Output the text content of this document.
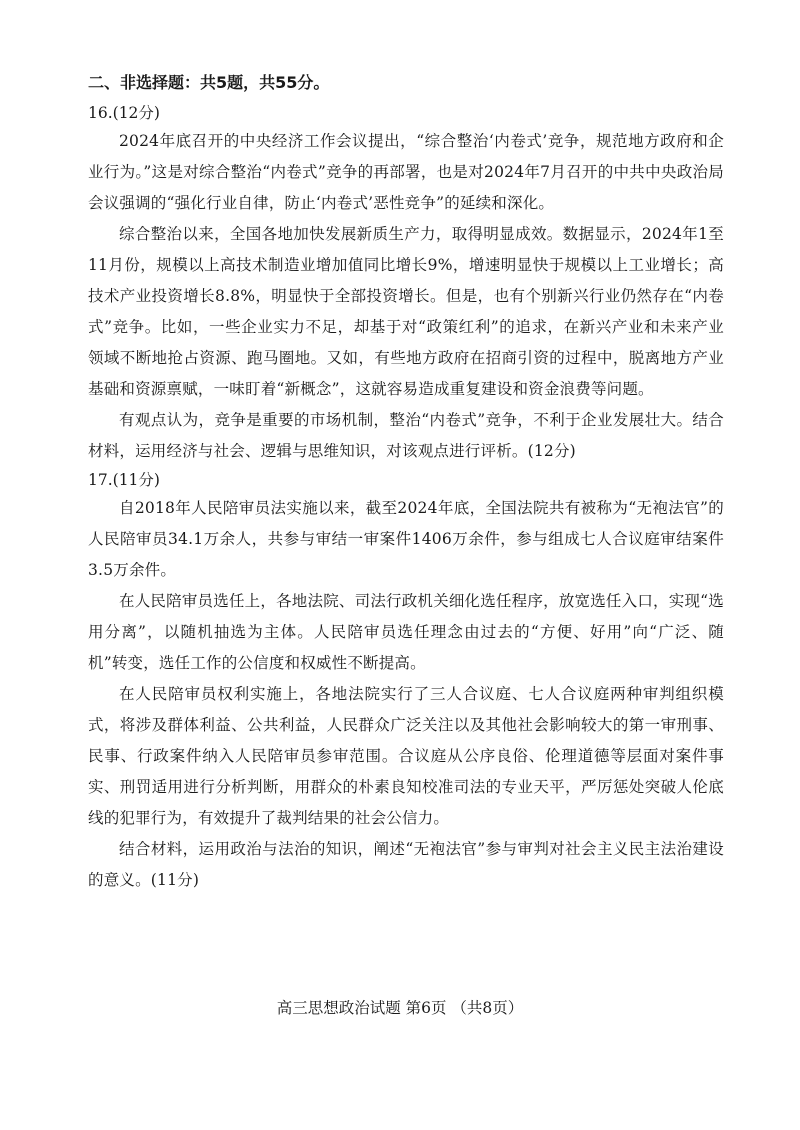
二、非选择题：共5题，共55分。

16.(12分)

2024年底召开的中央经济工作会议提出，“综合整治‘内卷式’竞争，规范地方政府和企业行为。”这是对综合整治“内卷式”竞争的再部署，也是对2024年7月召开的中共中央政治局会议强调的“强化行业自律，防止‘内卷式’恶性竞争”的延续和深化。

综合整治以来，全国各地加快发展新质生产力，取得明显成效。数据显示，2024年1至11月份，规模以上高技术制造业增加值同比增长9%，增速明显快于规模以上工业增长；高技术产业投资增长8.8%，明显快于全部投资增长。但是，也有个别新兴行业仍然存在“内卷式”竞争。比如，一些企业实力不足，却基于对“政策红利”的追求，在新兴产业和未来产业领域不断地抢占资源、跑马圈地。又如，有些地方政府在招商引资的过程中，脱离地方产业基础和资源禀赋，一味盯着“新概念”，这就容易造成重复建设和资金浪费等问题。

有观点认为，竞争是重要的市场机制，整治“内卷式”竞争，不利于企业发展壮大。结合材料，运用经济与社会、逻辑与思维知识，对该观点进行评析。(12分)

17.(11分)

自2018年人民陪审员法实施以来，截至2024年底，全国法院共有被称为“无袍法官”的人民陪审员34.1万余人，共参与审结一审案件1406万余件，参与组成七人合议庭审结案件3.5万余件。

在人民陪审员选任上，各地法院、司法行政机关细化选任程序，放宽选任入口，实现“选用分离”，以随机抽选为主体。人民陪审员选任理念由过去的“方便、好用”向“广泛、随机”转变，选任工作的公信度和权威性不断提高。

在人民陪审员权利实施上，各地法院实行了三人合议庭、七人合议庭两种审判组织模式，将涉及群体利益、公共利益，人民群众广泛关注以及其他社会影响较大的第一审刑事、民事、行政案件纳入人民陪审员参审范围。合议庭从公序良俗、伦理道德等层面对案件事实、刑罚适用进行分析判断，用群众的朴素良知校准司法的专业天平，严厉惩处突破人伦底线的犯罪行为，有效提升了裁判结果的社会公信力。

结合材料，运用政治与法治的知识，阐述“无袍法官”参与审判对社会主义民主法治建设的意义。(11分)

高三思想政治试题 第6页 （共8页）
